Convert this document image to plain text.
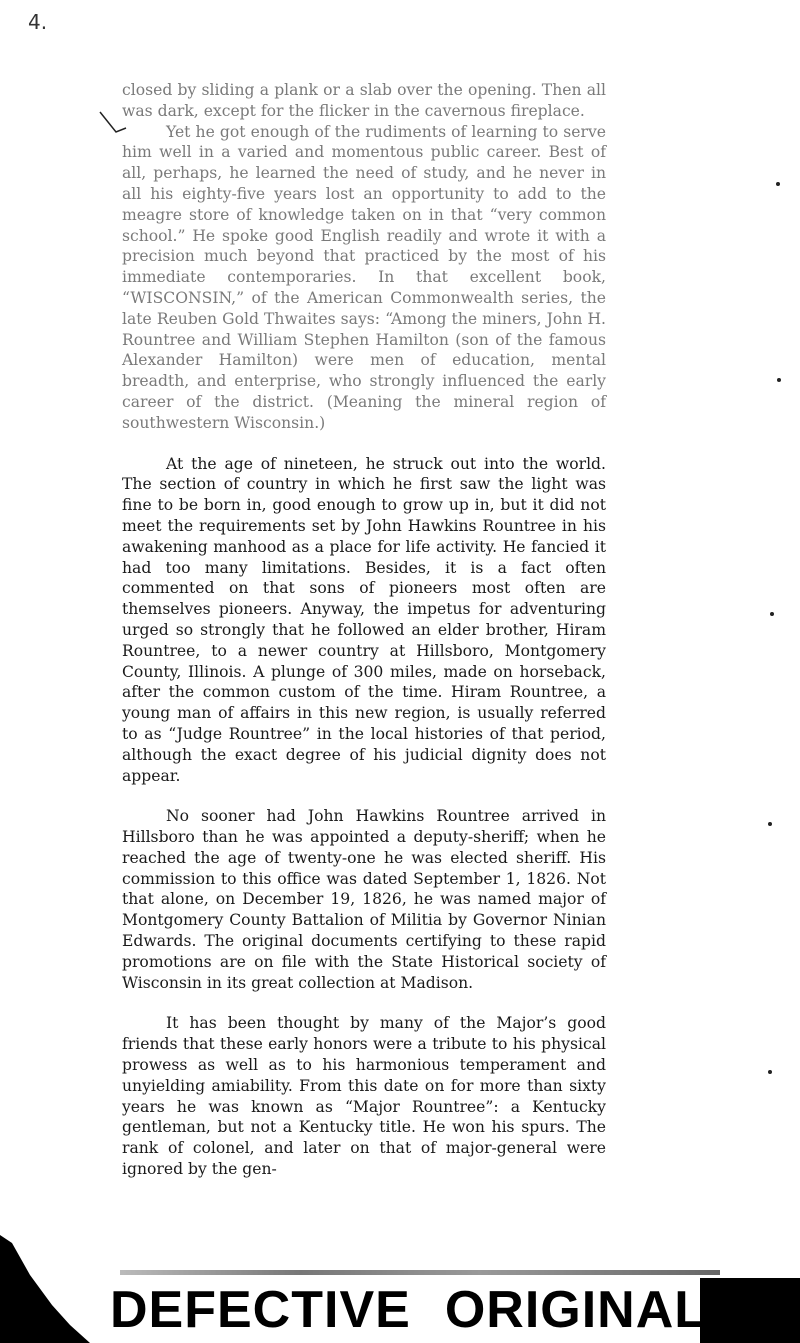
4.

closed by sliding a plank or a slab over the opening. Then all was dark, except for the flicker in the cavernous fireplace.

Yet he got enough of the rudiments of learning to serve him well in a varied and momentous public career. Best of all, perhaps, he learned the need of study, and he never in all his eighty-five years lost an opportunity to add to the meagre store of knowledge taken on in that “very common school.” He spoke good English readily and wrote it with a precision much beyond that practiced by the most of his immediate contemporaries. In that excellent book, “WISCONSIN,” of the American Commonwealth series, the late Reuben Gold Thwaites says: “Among the miners, John H. Rountree and William Stephen Hamilton (son of the famous Alexander Hamilton) were men of education, mental breadth, and enterprise, who strongly influenced the early career of the district. (Meaning the mineral region of southwestern Wisconsin.)

At the age of nineteen, he struck out into the world. The section of country in which he first saw the light was fine to be born in, good enough to grow up in, but it did not meet the requirements set by John Hawkins Rountree in his awakening manhood as a place for life activity. He fancied it had too many limitations. Besides, it is a fact often commented on that sons of pioneers most often are themselves pioneers. Anyway, the impetus for adventuring urged so strongly that he followed an elder brother, Hiram Rountree, to a newer country at Hillsboro, Montgomery County, Illinois. A plunge of 300 miles, made on horseback, after the common custom of the time. Hiram Rountree, a young man of affairs in this new region, is usually referred to as “Judge Rountree” in the local histories of that period, although the exact degree of his judicial dignity does not appear.

No sooner had John Hawkins Rountree arrived in Hillsboro than he was appointed a deputy-sheriff; when he reached the age of twenty-one he was elected sheriff. His commission to this office was dated September 1, 1826. Not that alone, on December 19, 1826, he was named major of Montgomery County Battalion of Militia by Governor Ninian Edwards. The original documents certifying to these rapid promotions are on file with the State Historical society of Wisconsin in its great collection at Madison.

It has been thought by many of the Major’s good friends that these early honors were a tribute to his physical prowess as well as to his harmonious temperament and unyielding amiability. From this date on for more than sixty years he was known as “Major Rountree”: a Kentucky gentleman, but not a Kentucky title. He won his spurs. The rank of colonel, and later on that of major-general were ignored by the gen-

DEFECTIVE ORIGINAL
